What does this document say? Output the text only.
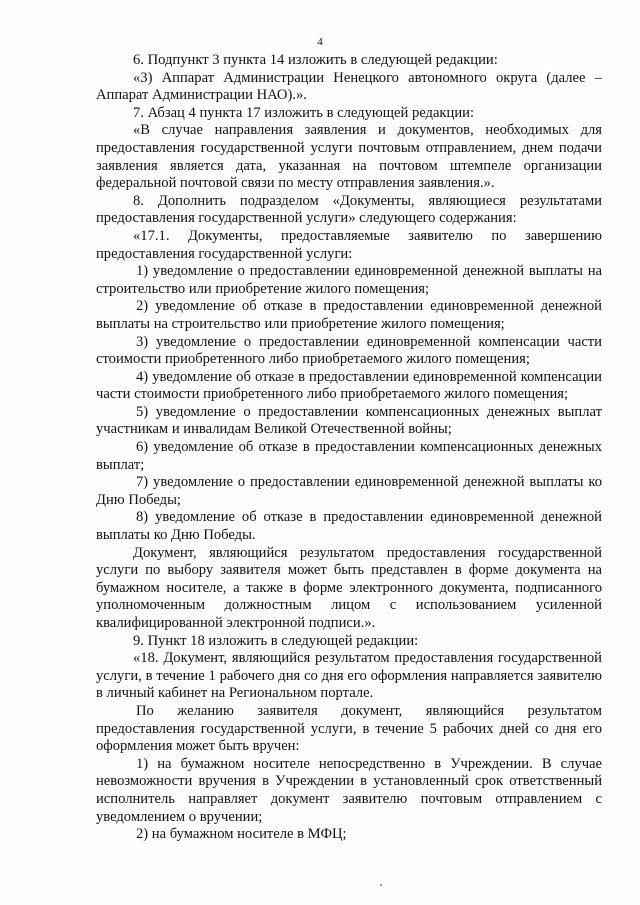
4

6. Подпункт 3 пункта 14 изложить в следующей редакции:

«3) Аппарат Администрации Ненецкого автономного округа (далее – Аппарат Администрации НАО).».

7. Абзац 4 пункта 17 изложить в следующей редакции:

«В случае направления заявления и документов, необходимых для предоставления государственной услуги почтовым отправлением, днем подачи заявления является дата, указанная на почтовом штемпеле организации федеральной почтовой связи по месту отправления заявления.».

8. Дополнить подразделом «Документы, являющиеся результатами предоставления государственной услуги» следующего содержания:

«17.1. Документы, предоставляемые заявителю по завершению предоставления государственной услуги:

1) уведомление о предоставлении единовременной денежной выплаты на строительство или приобретение жилого помещения;

2) уведомление об отказе в предоставлении единовременной денежной выплаты на строительство или приобретение жилого помещения;

3) уведомление о предоставлении единовременной компенсации части стоимости приобретенного либо приобретаемого жилого помещения;

4) уведомление об отказе в предоставлении единовременной компенсации части стоимости приобретенного либо приобретаемого жилого помещения;

5) уведомление о предоставлении компенсационных денежных выплат участникам и инвалидам Великой Отечественной войны;

6) уведомление об отказе в предоставлении компенсационных денежных выплат;

7) уведомление о предоставлении единовременной денежной выплаты ко Дню Победы;

8) уведомление об отказе в предоставлении единовременной денежной выплаты ко Дню Победы.

Документ, являющийся результатом предоставления государственной услуги по выбору заявителя может быть представлен в форме документа на бумажном носителе, а также в форме электронного документа, подписанного уполномоченным должностным лицом с использованием усиленной квалифицированной электронной подписи.».

9. Пункт 18 изложить в следующей редакции:

«18. Документ, являющийся результатом предоставления государственной услуги, в течение 1 рабочего дня со дня его оформления направляется заявителю в личный кабинет на Региональном портале.

По желанию заявителя документ, являющийся результатом предоставления государственной услуги, в течение 5 рабочих дней со дня его оформления может быть вручен:

1) на бумажном носителе непосредственно в Учреждении. В случае невозможности вручения в Учреждении в установленный срок ответственный исполнитель направляет документ заявителю почтовым отправлением с уведомлением о вручении;

2) на бумажном носителе в МФЦ;
